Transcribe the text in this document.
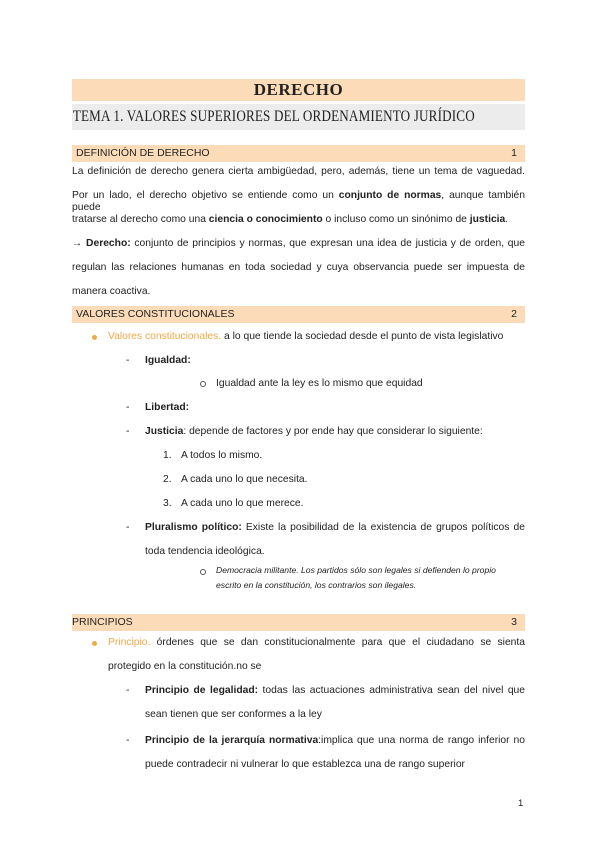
DERECHO
TEMA 1. VALORES SUPERIORES DEL ORDENAMIENTO JURÍDICO
DEFINICIÓN DE DERECHO	1
La definición de derecho genera cierta ambigüedad, pero, además, tiene un tema de vaguedad.
Por un lado, el derecho objetivo se entiende como un conjunto de normas, aunque también puede
tratarse al derecho como una ciencia o conocimiento o incluso como un sinónimo de justicia.
→ Derecho: conjunto de principios y normas, que expresan una idea de justicia y de orden, que
regulan las relaciones humanas en toda sociedad y cuya observancia puede ser impuesta de
manera coactiva.
VALORES CONSTITUCIONALES	2
Valores constitucionales. a lo que tiende la sociedad desde el punto de vista legislativo
- Igualdad:
Igualdad ante la ley es lo mismo que equidad
- Libertad:
- Justicia: depende de factores y por ende hay que considerar lo siguiente:
1. A todos lo mismo.
2. A cada uno lo que necesita.
3. A cada uno lo que merece.
- Pluralismo político: Existe la posibilidad de la existencia de grupos políticos de
toda tendencia ideológica.
Democracia militante. Los partidos sólo son legales si defienden lo propio
escrito en la constitución, los contrarios son ilegales.
PRINCIPIOS	3
Principio. órdenes que se dan constitucionalmente para que el ciudadano se sienta
protegido en la constitución.no se
- Principio de legalidad: todas las actuaciones administrativa sean del nivel que
sean tienen que ser conformes a la ley
- Principio de la jerarquía normativa:implica que una norma de rango inferior no
puede contradecir ni vulnerar lo que establezca una de rango superior
1
